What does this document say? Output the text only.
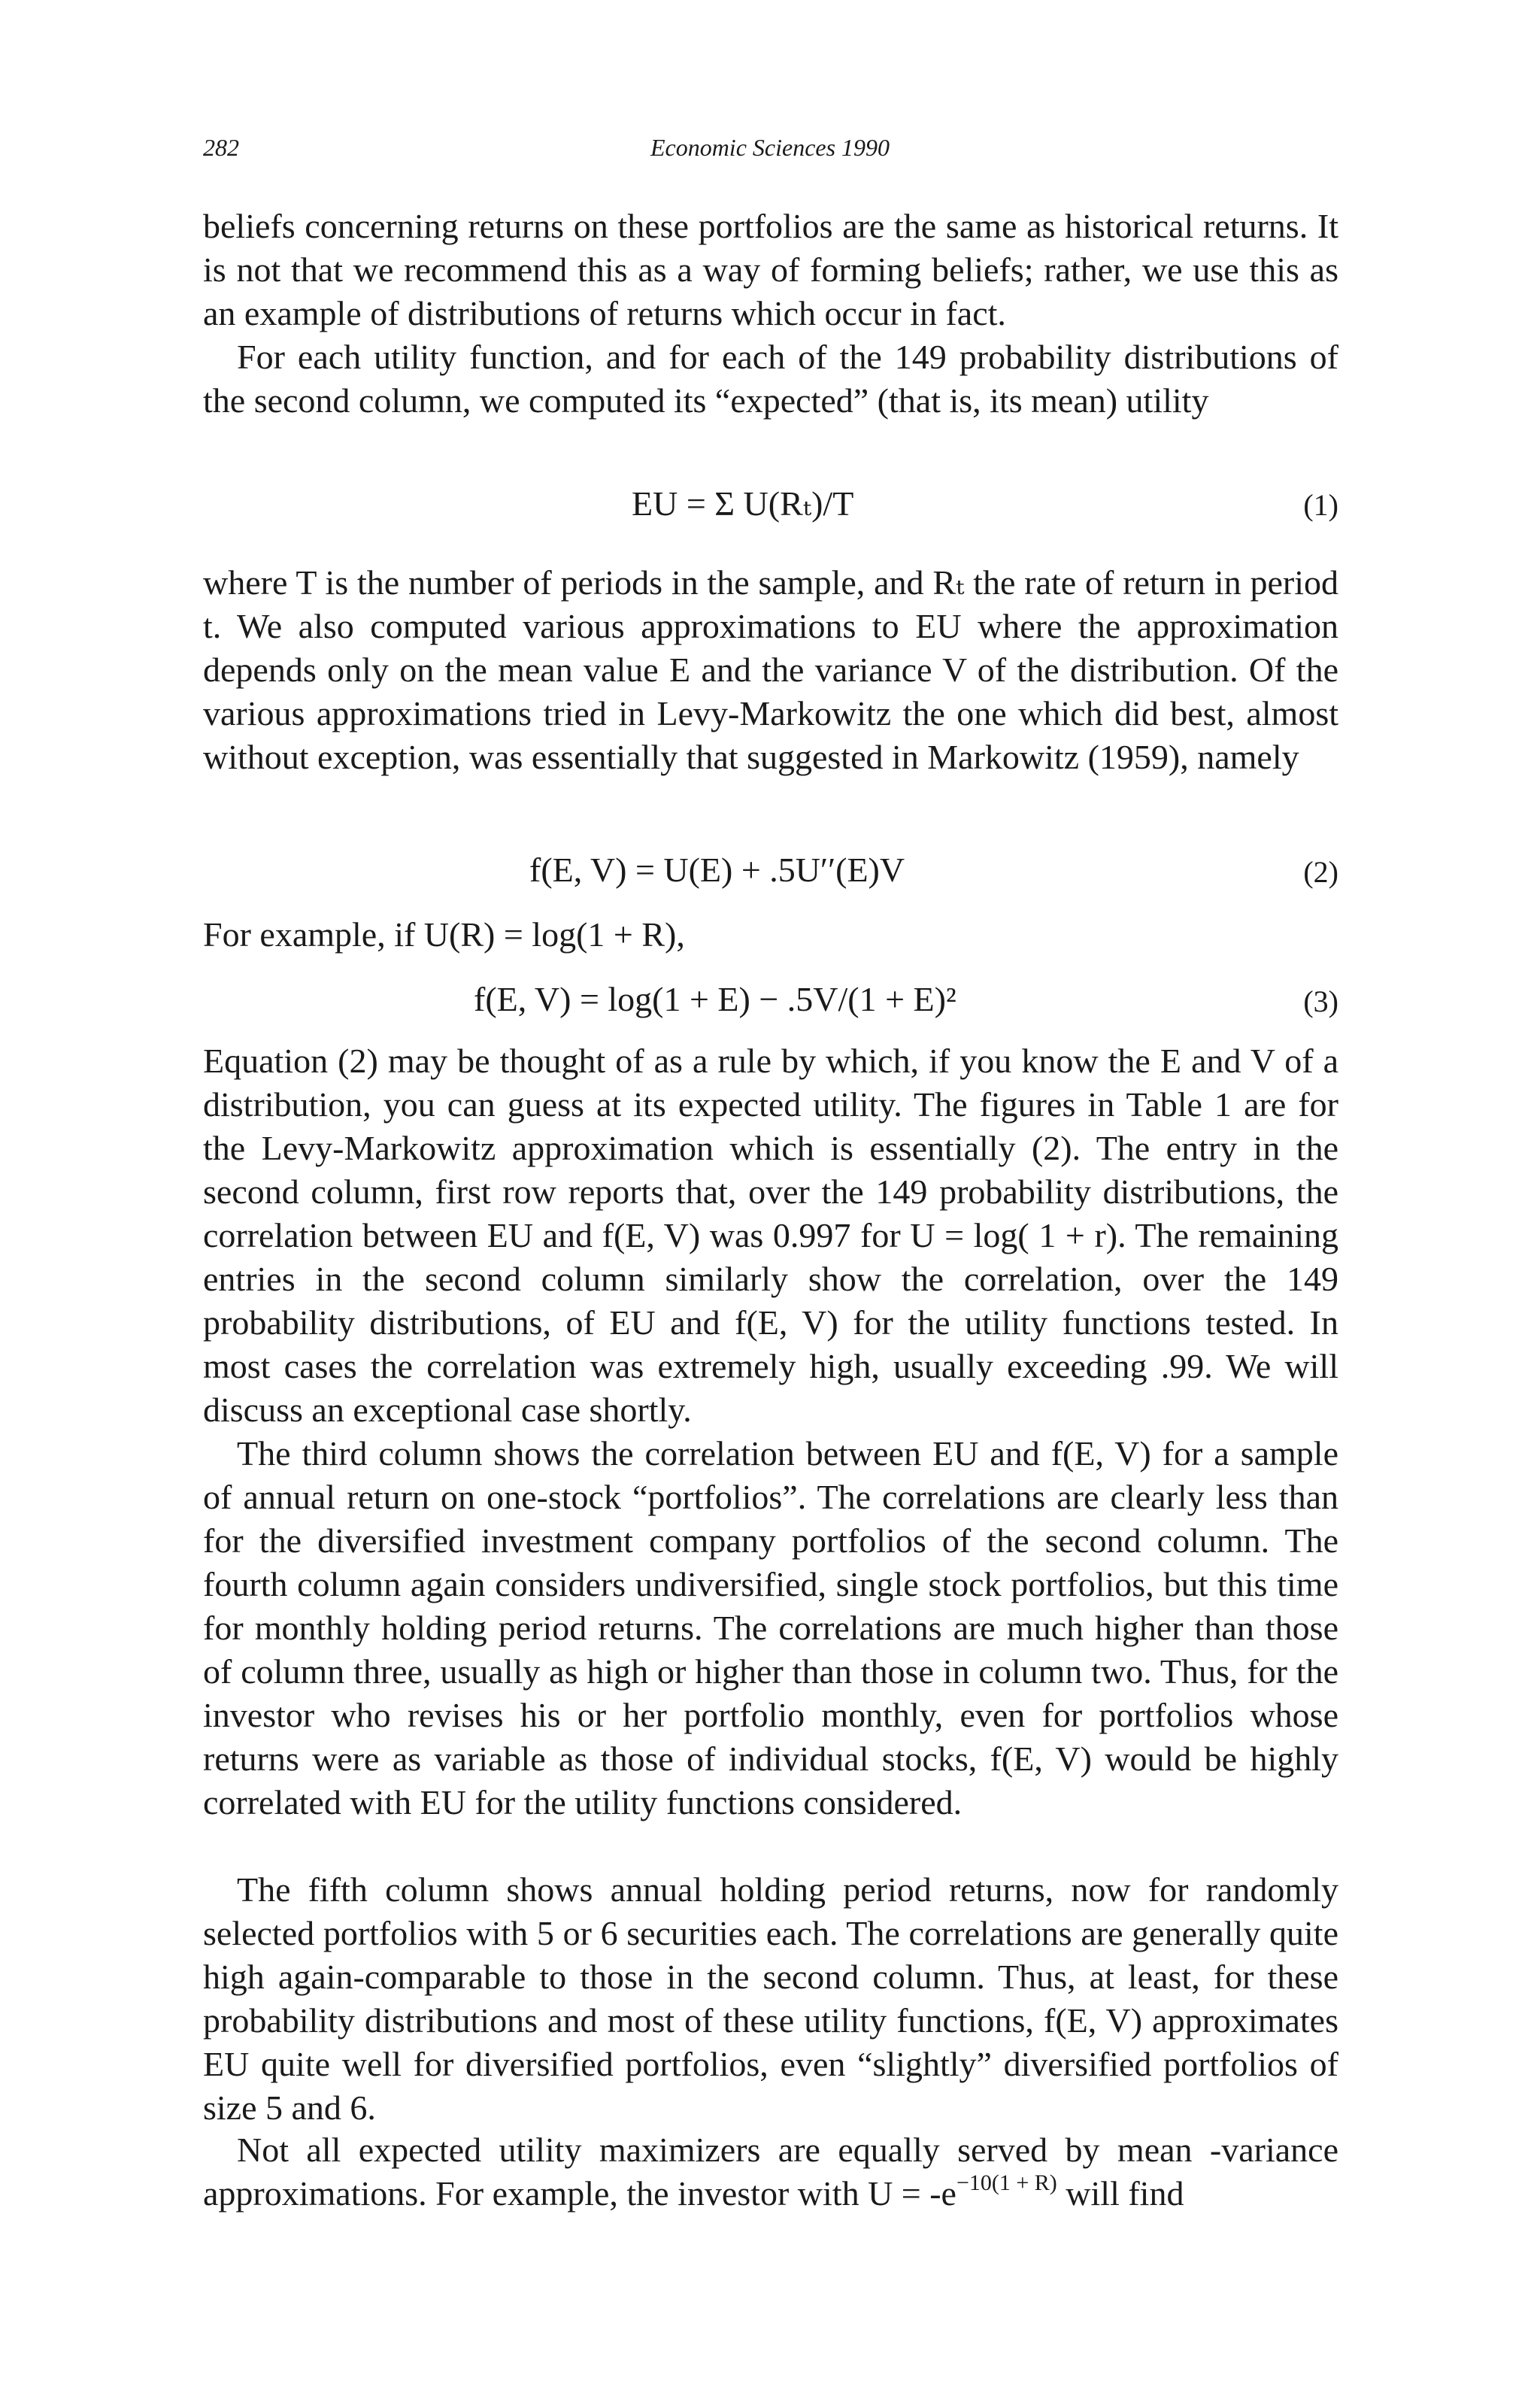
282	Economic Sciences 1990

beliefs concerning returns on these portfolios are the same as historical returns. It is not that we recommend this as a way of forming beliefs; rather, we use this as an example of distributions of returns which occur in fact.

For each utility function, and for each of the 149 probability distributions of the second column, we computed its “expected” (that is, its mean) utility

EU = Σ U(Rₜ)/T	(1)

where T is the number of periods in the sample, and Rₜ the rate of return in period t. We also computed various approximations to EU where the approximation depends only on the mean value E and the variance V of the distribution. Of the various approximations tried in Levy-Markowitz the one which did best, almost without exception, was essentially that suggested in Markowitz (1959), namely

f(E, V) = U(E) + .5U′′(E)V	(2)
For example, if U(R) = log(1 + R),
f(E, V) = log(1 + E) − .5V/(1 + E)²	(3)

Equation (2) may be thought of as a rule by which, if you know the E and V of a distribution, you can guess at its expected utility. The figures in Table 1 are for the Levy-Markowitz approximation which is essentially (2). The entry in the second column, first row reports that, over the 149 probability distributions, the correlation between EU and f(E, V) was 0.997 for U = log( 1 + r). The remaining entries in the second column similarly show the correlation, over the 149 probability distributions, of EU and f(E, V) for the utility functions tested. In most cases the correlation was extremely high, usually exceeding .99. We will discuss an exceptional case shortly.

The third column shows the correlation between EU and f(E, V) for a sample of annual return on one-stock “portfolios”. The correlations are clearly less than for the diversified investment company portfolios of the second column. The fourth column again considers undiversified, single stock portfolios, but this time for monthly holding period returns. The correlations are much higher than those of column three, usually as high or higher than those in column two. Thus, for the investor who revises his or her portfolio monthly, even for portfolios whose returns were as variable as those of individual stocks, f(E, V) would be highly correlated with EU for the utility functions considered.

The fifth column shows annual holding period returns, now for randomly selected portfolios with 5 or 6 securities each. The correlations are generally quite high again-comparable to those in the second column. Thus, at least, for these probability distributions and most of these utility functions, f(E, V) approximates EU quite well for diversified portfolios, even “slightly” diversified portfolios of size 5 and 6.

Not all expected utility maximizers are equally served by mean -variance approximations. For example, the investor with $U = -e^{-10(1 + R)}$ will find
